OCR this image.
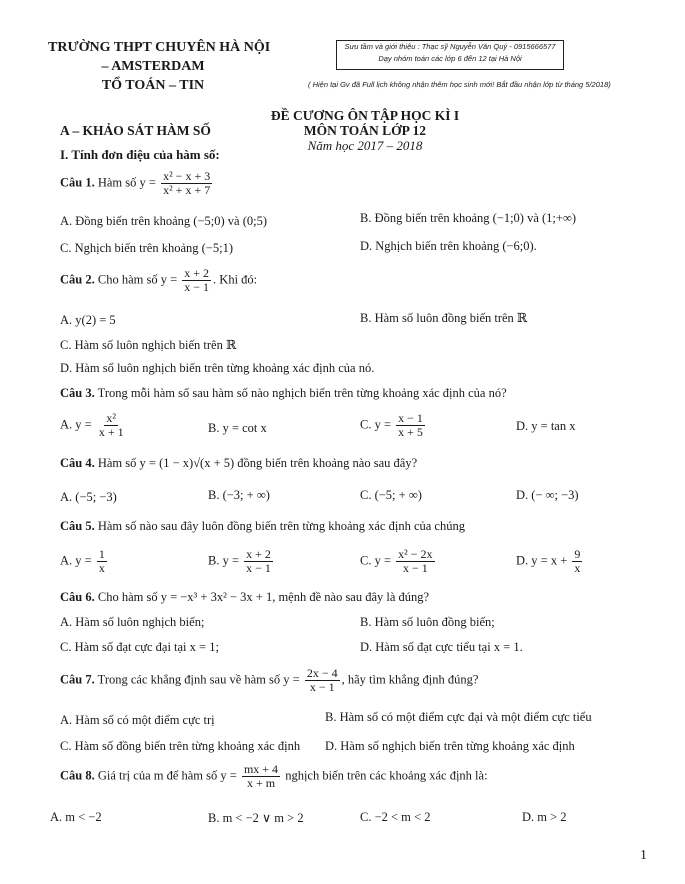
TRƯỜNG THPT CHUYÊN HÀ NỘI
– AMSTERDAM
TỔ TOÁN – TIN
Sưu tầm và giới thiệu : Thạc sỹ Nguyễn Văn Quý - 0915666577
Dạy nhóm toán các lớp 6 đến 12 tại Hà Nội
( Hiện tại Gv đã Full lịch không nhận thêm học sinh mới! Bắt đầu nhận lớp từ tháng 5/2018)
ĐỀ CƯƠNG ÔN TẬP HỌC KÌ I
MÔN TOÁN LỚP 12
Năm học 2017 – 2018
A – KHẢO SÁT HÀM SỐ
I. Tính đơn điệu của hàm số:
Câu 1. Hàm số $y = \frac{\text{x² − x + 3}}{\text{x² + x + 7}}$
A. Đồng biến trên khoảng (−5;0) và (0;5)	B. Đồng biến trên khoảng (−1;0) và (1;+∞)
C. Nghịch biến trên khoảng (−5;1)	D. Nghịch biến trên khoảng (−6;0).
Câu 2. Cho hàm số $y = \frac{x + 2}{x - 1}$ . Khi đó:
A. y(2) = 5	B. Hàm số luôn đồng biến trên ℝ
C. Hàm số luôn nghịch biến trên ℝ
D. Hàm số luôn nghịch biến trên từng khoảng xác định của nó.
Câu 3. Trong mỗi hàm số sau hàm số nào nghịch biến trên từng khoảng xác định của nó?
A. $y = \frac{\text{x²}}{x + 1}$	B. y = cot x	C. $y = \frac{x - 1}{x + 5}$	D. y = tan x
Câu 4. Hàm số y = (1 − x)√(x + 5) đồng biến trên khoảng nào sau đây?
A. (−5; −3)	B. (−3; + ∞)	C. (−5; + ∞)	D. (− ∞; −3)
Câu 5. Hàm số nào sau đây luôn đồng biến trên từng khoảng xác định của chúng
A. $y = \frac{1}{x}$	B. $y = \frac{x + 2}{x - 1}$	C. $y = \frac{\text{x² − 2x}}{x - 1}$	D. $y = x + \frac{9}{x}$
Câu 6. Cho hàm số y = −x³ + 3x² − 3x + 1, mệnh đề nào sau đây là đúng?
A. Hàm số luôn nghịch biến;	B. Hàm số luôn đồng biến;
C. Hàm số đạt cực đại tại x = 1;	D. Hàm số đạt cực tiểu tại x = 1.
Câu 7. Trong các khẳng định sau về hàm số $y = \frac{2x - 4}{x - 1}$ , hãy tìm khẳng định đúng?
A. Hàm số có một điểm cực trị	B. Hàm số có một điểm cực đại và một điểm cực tiểu
C. Hàm số đồng biến trên từng khoảng xác định D. Hàm số nghịch biến trên từng khoảng xác định
Câu 8. Giá trị của m để hàm số $y = \frac{mx + 4}{x + m}$ nghịch biến trên các khoảng xác định là:
A. m < −2	B. m < −2 ∨ m > 2	C. −2 < m < 2	D. m > 2
1
